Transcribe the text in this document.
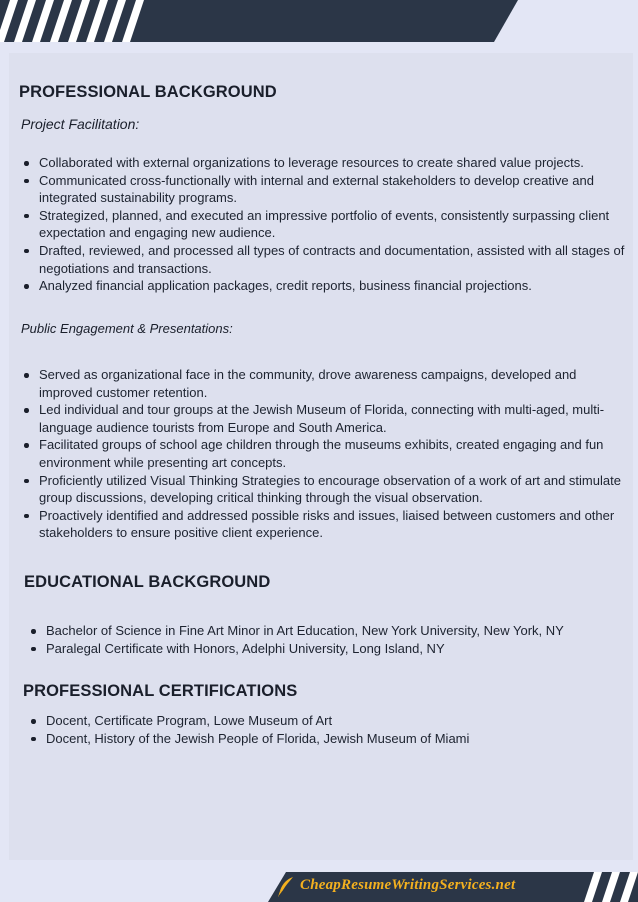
PROFESSIONAL BACKGROUND

Project Facilitation:

Collaborated with external organizations to leverage resources to create shared value projects.
Communicated cross-functionally with internal and external stakeholders to develop creative and integrated sustainability programs.
Strategized, planned, and executed an impressive portfolio of events, consistently surpassing client expectation and engaging new audience.
Drafted, reviewed, and processed all types of contracts and documentation, assisted with all stages of negotiations and transactions.
Analyzed financial application packages, credit reports, business financial projections.

Public Engagement & Presentations:

Served as organizational face in the community, drove awareness campaigns, developed and improved customer retention.
Led individual and tour groups at the Jewish Museum of Florida, connecting with multi-aged, multi-language audience tourists from Europe and South America.
Facilitated groups of school age children through the museums exhibits, created engaging and fun environment while presenting art concepts.
Proficiently utilized Visual Thinking Strategies to encourage observation of a work of art and stimulate group discussions, developing critical thinking through the visual observation.
Proactively identified and addressed possible risks and issues, liaised between customers and other stakeholders to ensure positive client experience.
EDUCATIONAL BACKGROUND
Bachelor of Science in Fine Art Minor in Art Education, New York University, New York, NY
Paralegal Certificate with Honors, Adelphi University, Long Island, NY
PROFESSIONAL CERTIFICATIONS
Docent, Certificate Program, Lowe Museum of Art
Docent, History of the Jewish People of Florida, Jewish Museum of Miami
CheapResumeWritingServices.net
